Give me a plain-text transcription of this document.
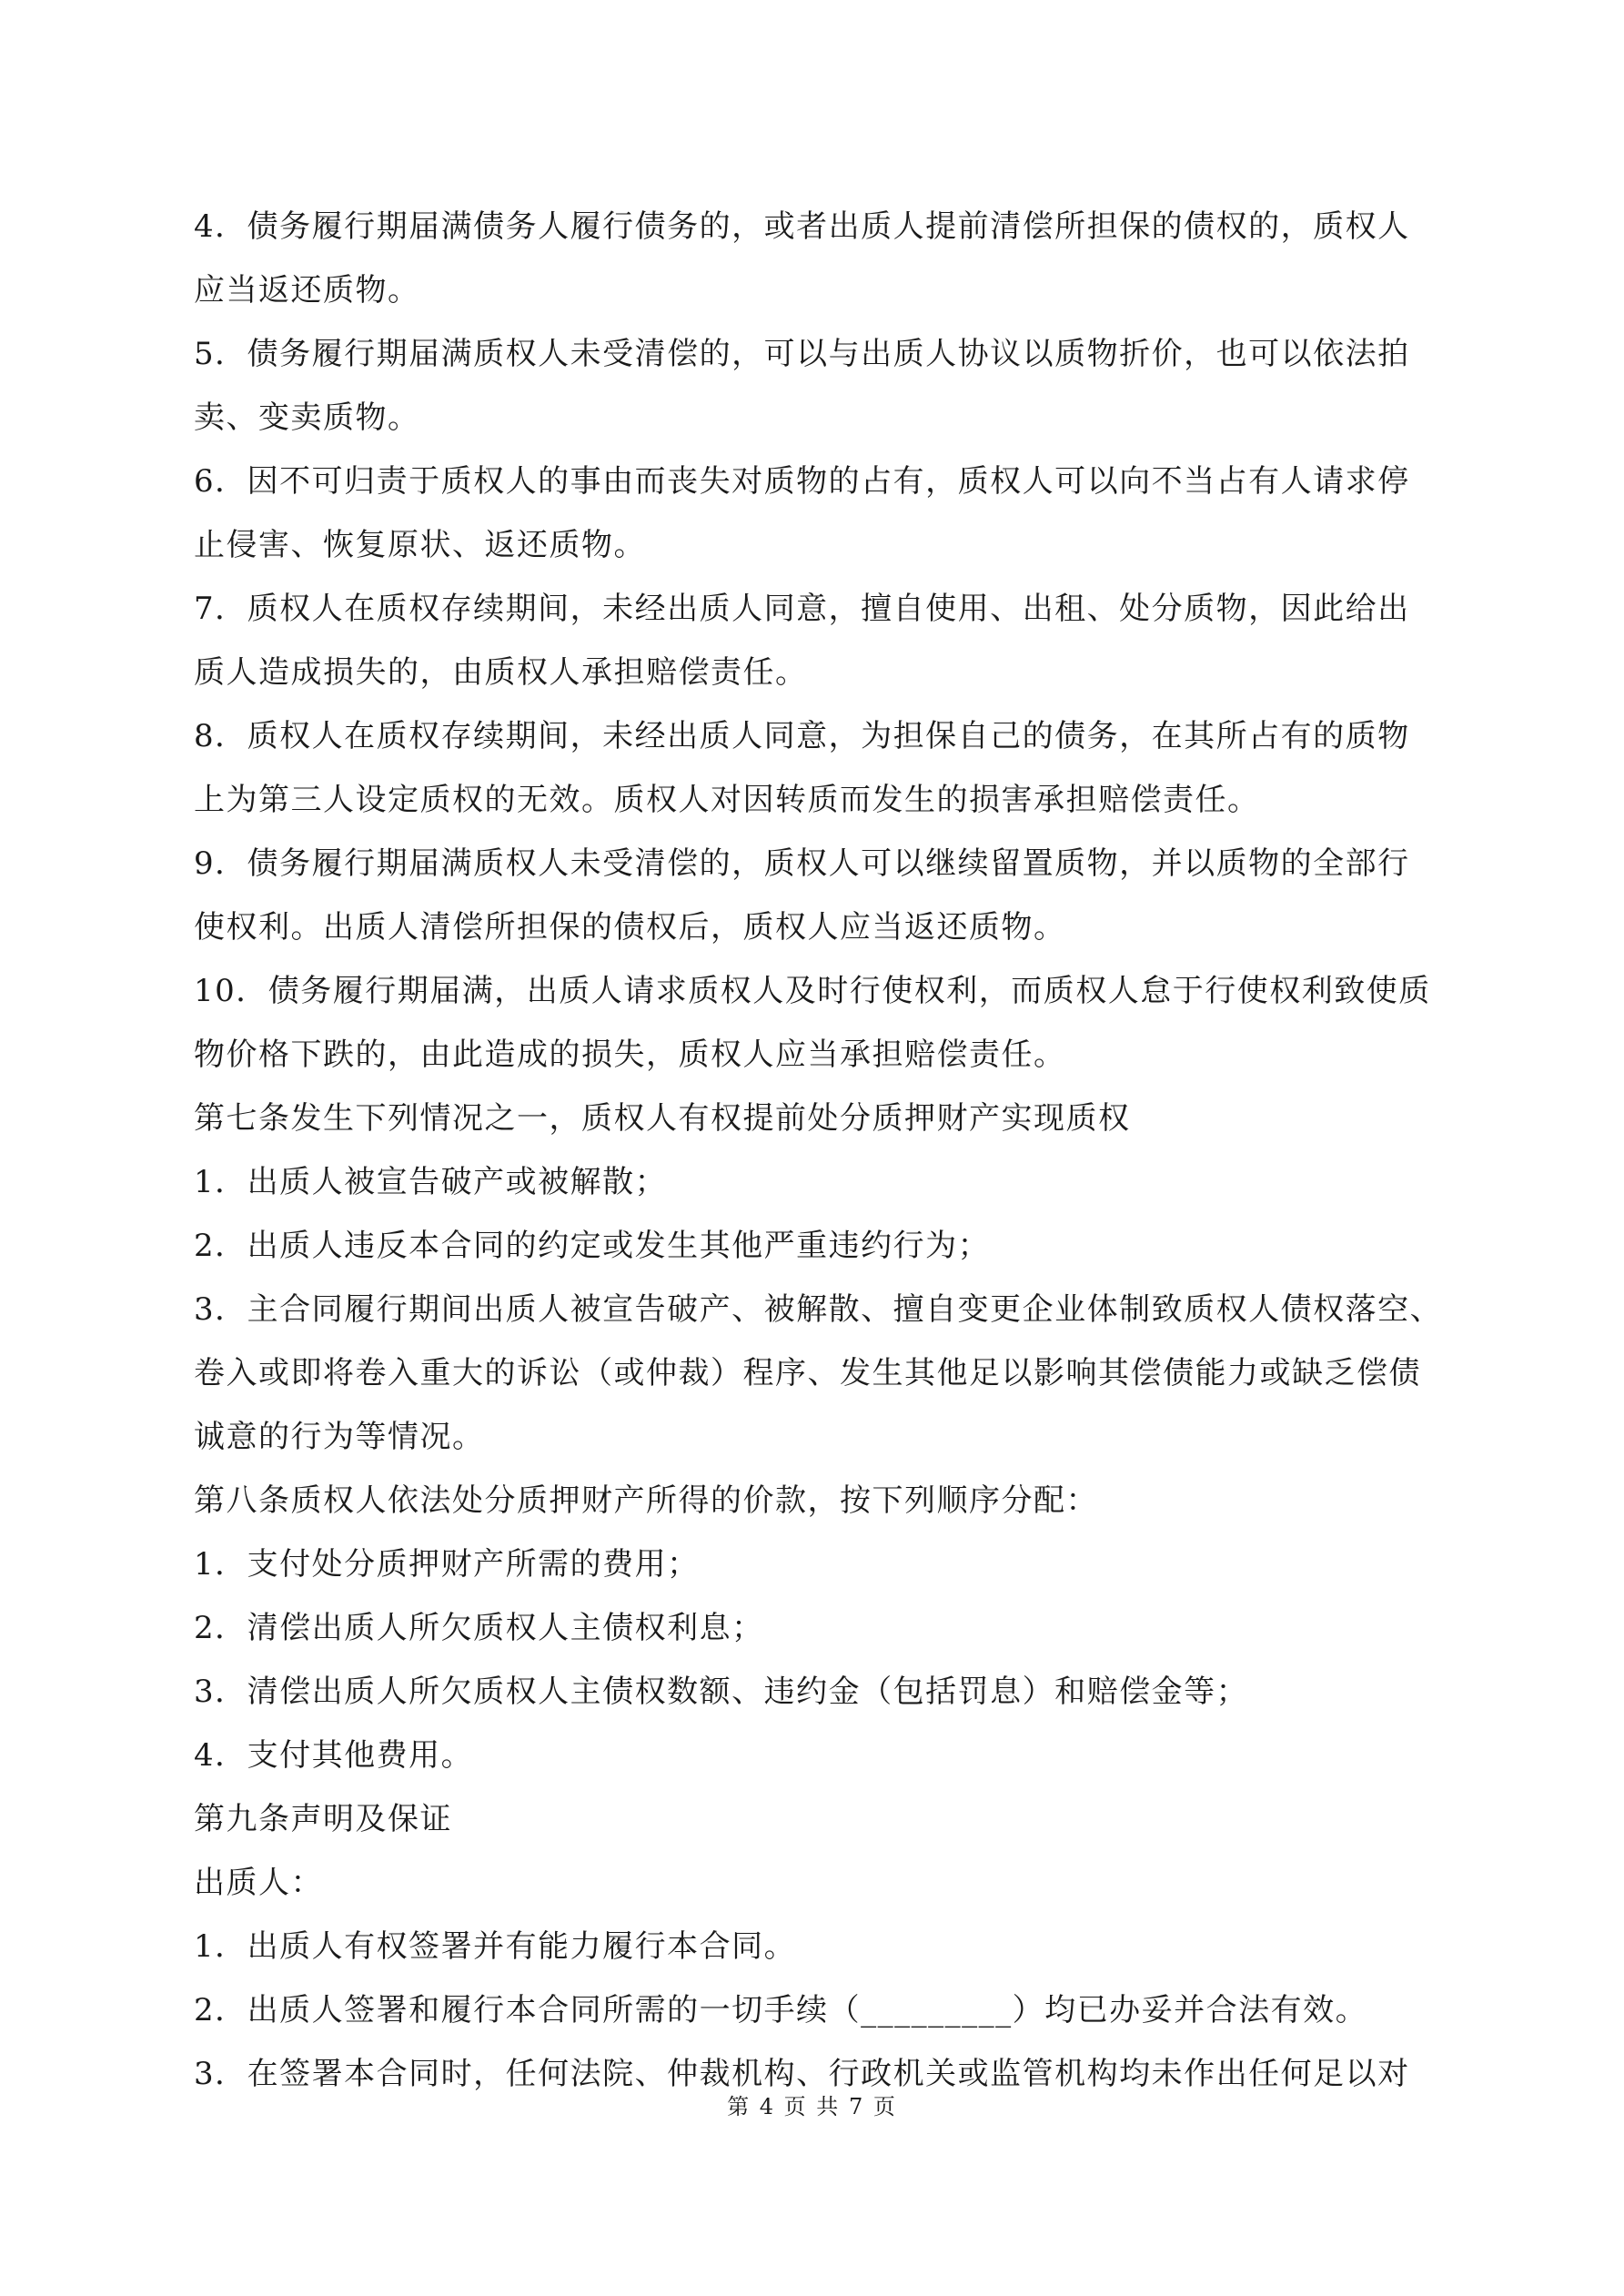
4．债务履行期届满债务人履行债务的，或者出质人提前清偿所担保的债权的，质权人
应当返还质物。
5．债务履行期届满质权人未受清偿的，可以与出质人协议以质物折价，也可以依法拍
卖、变卖质物。
6．因不可归责于质权人的事由而丧失对质物的占有，质权人可以向不当占有人请求停
止侵害、恢复原状、返还质物。
7．质权人在质权存续期间，未经出质人同意，擅自使用、出租、处分质物，因此给出
质人造成损失的，由质权人承担赔偿责任。
8．质权人在质权存续期间，未经出质人同意，为担保自己的债务，在其所占有的质物
上为第三人设定质权的无效。质权人对因转质而发生的损害承担赔偿责任。
9．债务履行期届满质权人未受清偿的，质权人可以继续留置质物，并以质物的全部行
使权利。出质人清偿所担保的债权后，质权人应当返还质物。
10．债务履行期届满，出质人请求质权人及时行使权利，而质权人怠于行使权利致使质
物价格下跌的，由此造成的损失，质权人应当承担赔偿责任。
第七条发生下列情况之一，质权人有权提前处分质押财产实现质权
1．出质人被宣告破产或被解散；
2．出质人违反本合同的约定或发生其他严重违约行为；
3．主合同履行期间出质人被宣告破产、被解散、擅自变更企业体制致质权人债权落空、
卷入或即将卷入重大的诉讼（或仲裁）程序、发生其他足以影响其偿债能力或缺乏偿债
诚意的行为等情况。
第八条质权人依法处分质押财产所得的价款，按下列顺序分配：
1．支付处分质押财产所需的费用；
2．清偿出质人所欠质权人主债权利息；
3．清偿出质人所欠质权人主债权数额、违约金（包括罚息）和赔偿金等；
4．支付其他费用。
第九条声明及保证
出质人：
1．出质人有权签署并有能力履行本合同。
2．出质人签署和履行本合同所需的一切手续（_________）均已办妥并合法有效。
3．在签署本合同时，任何法院、仲裁机构、行政机关或监管机构均未作出任何足以对
第 4 页 共 7 页
